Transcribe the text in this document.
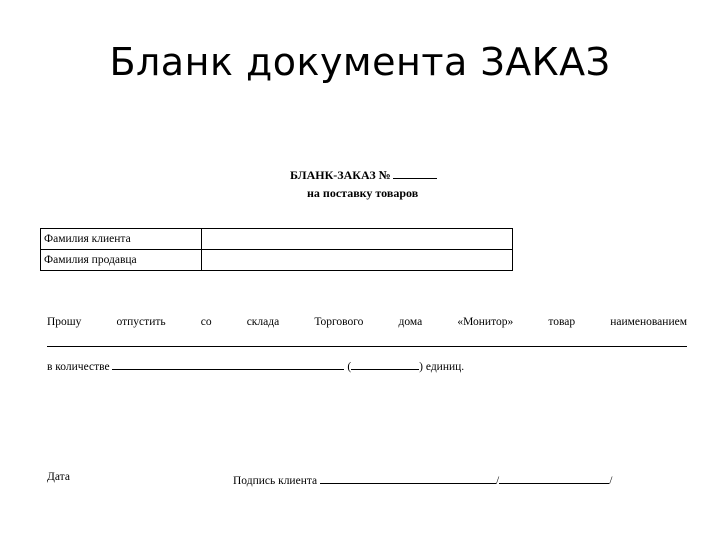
Бланк документа ЗАКАЗ
БЛАНК-ЗАКАЗ №
на поставку товаров
Фамилия клиента	
Фамилия продавца	
Прошу	отпустить	со	склада	Торгового	дома	«Монитор»	товар	наименованием
в количестве	(	) единиц.
Дата	Подпись клиента	/	/
